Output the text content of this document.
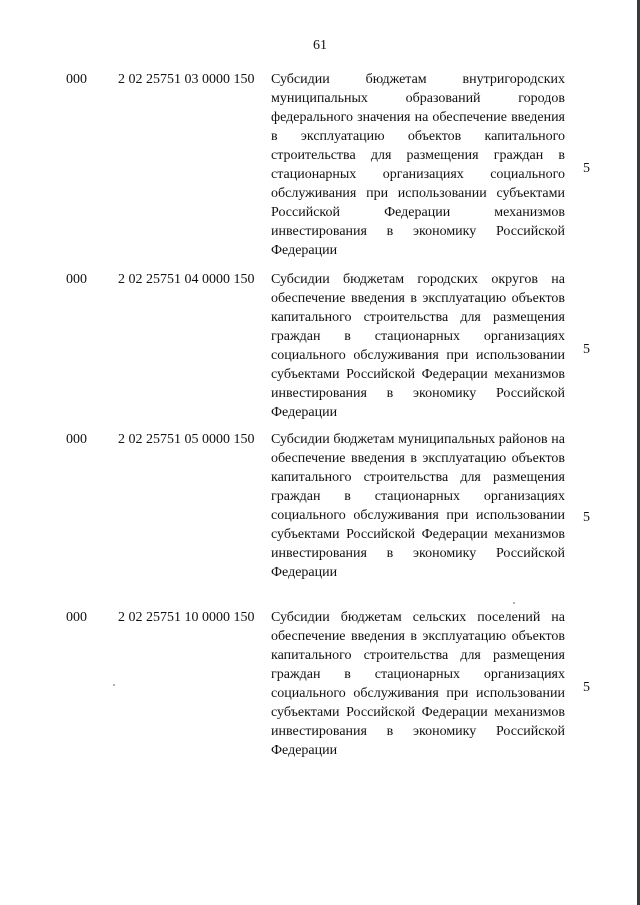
61
000 2 02 25751 03 0000 150 Субсидии бюджетам внутригородских муниципальных образований городов федерального значения на обеспечение введения в эксплуатацию объектов капитального строительства для размещения граждан в стационарных организациях социального обслуживания при использовании субъектами Российской Федерации механизмов инвестирования в экономику Российской Федерации
5
000 2 02 25751 04 0000 150 Субсидии бюджетам городских округов на обеспечение введения в эксплуатацию объектов капитального строительства для размещения граждан в стационарных организациях социального обслуживания при использовании субъектами Российской Федерации механизмов инвестирования в экономику Российской Федерации
5
000 2 02 25751 05 0000 150 Субсидии бюджетам муниципальных районов на обеспечение введения в эксплуатацию объектов капитального строительства для размещения граждан в стационарных организациях социального обслуживания при использовании субъектами Российской Федерации механизмов инвестирования в экономику Российской Федерации
5
000 2 02 25751 10 0000 150 Субсидии бюджетам сельских поселений на обеспечение введения в эксплуатацию объектов капитального строительства для размещения граждан в стационарных организациях социального обслуживания при использовании субъектами Российской Федерации механизмов инвестирования в экономику Российской Федерации
5
